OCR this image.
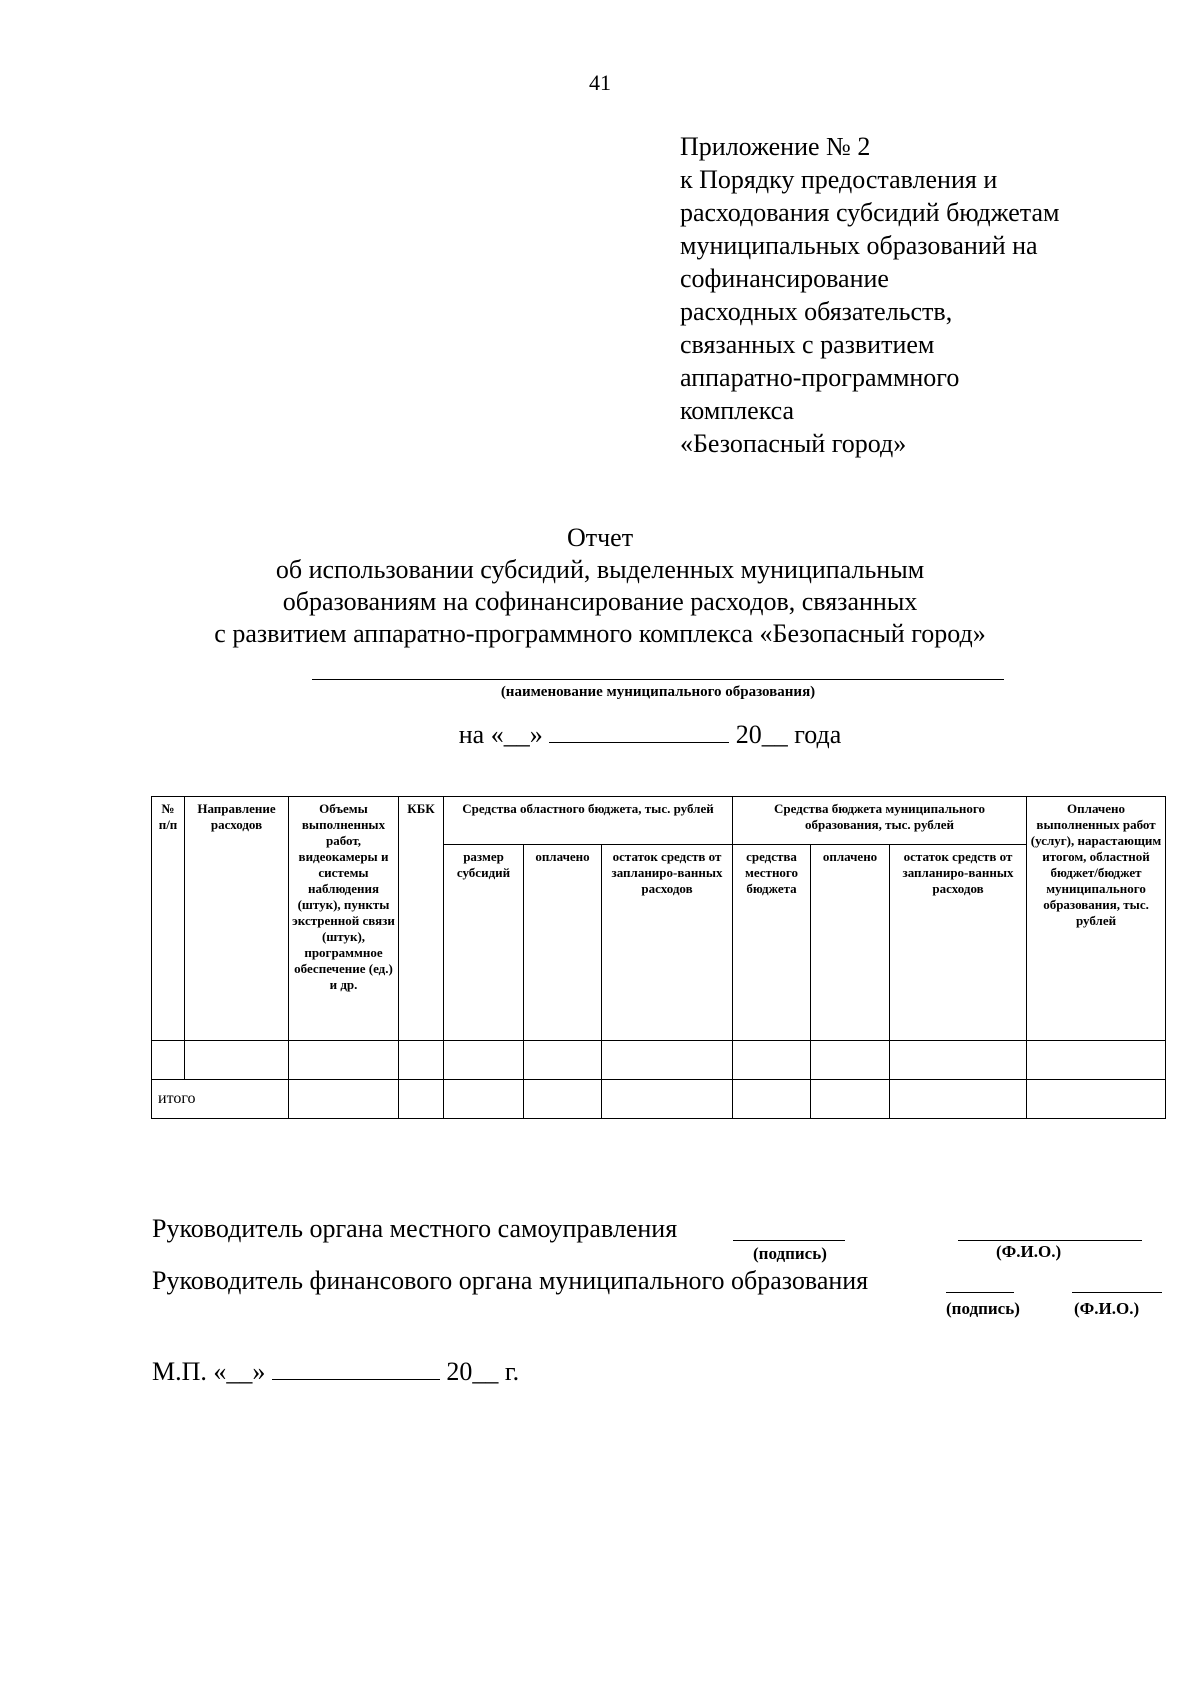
41
Приложение № 2
к Порядку предоставления и
расходования субсидий бюджетам
муниципальных образований на
софинансирование
расходных обязательств,
связанных с развитием
аппаратно-программного
комплекса
«Безопасный город»
Отчет
об использовании субсидий, выделенных муниципальным
образованиям на софинансирование расходов, связанных
с развитием аппаратно-программного комплекса «Безопасный город»
(наименование муниципального образования)
на «__»	20__ года
№ п/п	Направление расходов	Объемы выполненных работ, видеокамеры и системы наблюдения (штук), пункты экстренной связи (штук), программное обеспечение (ед.) и др.	КБК	Средства областного бюджета, тыс. рублей			Средства бюджета муниципального образования, тыс. рублей			Оплачено выполненных работ (услуг), нарастающим итогом, областной бюджет/бюджет муниципального образования, тыс. рублей
				размер субсидий	оплачено	остаток средств от запланиро-ванных расходов	средства местного бюджета	оплачено	остаток средств от запланиро-ванных расходов	

итого										
Руководитель органа местного самоуправления
(подпись)	(Ф.И.О.)
Руководитель финансового органа муниципального образования
(подпись)	(Ф.И.О.)
М.П. «__»	20__ г.
